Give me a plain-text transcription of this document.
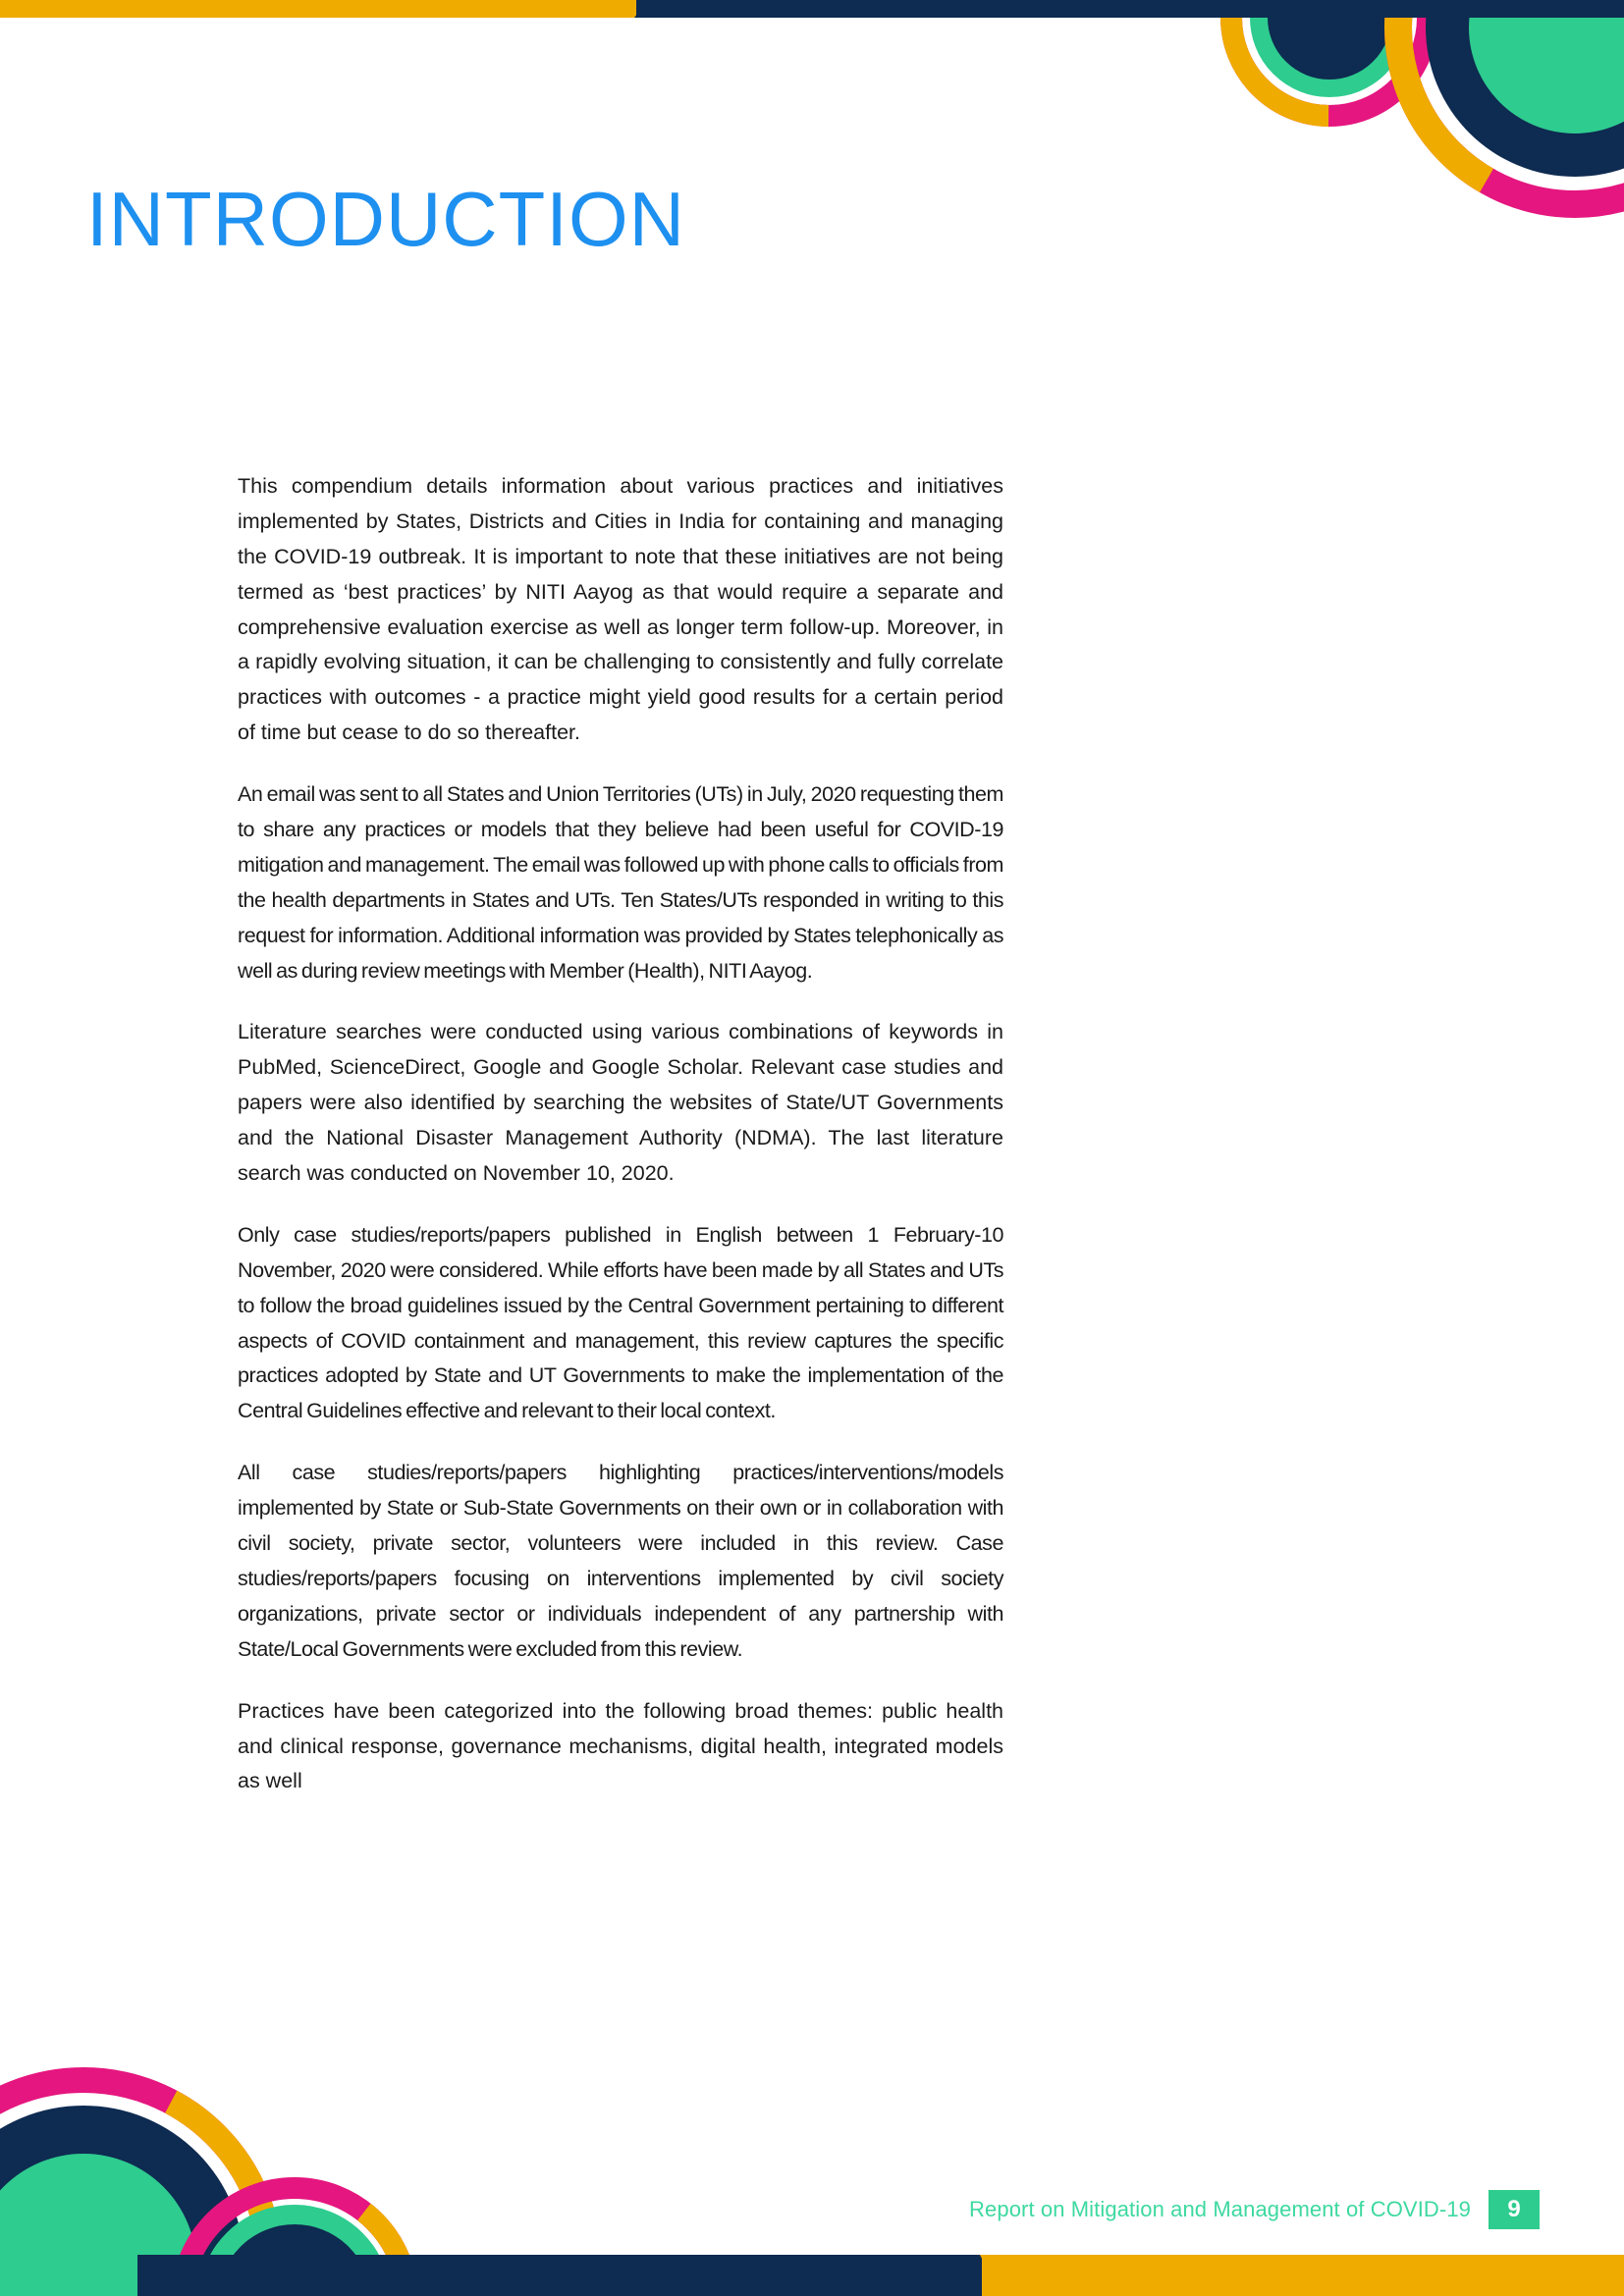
INTRODUCTION

This compendium details information about various practices and initiatives implemented by States, Districts and Cities in India for containing and managing the COVID-19 outbreak. It is important to note that these initiatives are not being termed as ‘best practices’ by NITI Aayog as that would require a separate and comprehensive evaluation exercise as well as longer term follow-up. Moreover, in a rapidly evolving situation, it can be challenging to consistently and fully correlate practices with outcomes - a practice might yield good results for a certain period of time but cease to do so thereafter.

An email was sent to all States and Union Territories (UTs) in July, 2020 requesting them to share any practices or models that they believe had been useful for COVID-19 mitigation and management. The email was followed up with phone calls to officials from the health departments in States and UTs. Ten States/UTs responded in writing to this request for information. Additional information was provided by States telephonically as well as during review meetings with Member (Health), NITI Aayog.

Literature searches were conducted using various combinations of keywords in PubMed, ScienceDirect, Google and Google Scholar. Relevant case studies and papers were also identified by searching the websites of State/UT Governments and the National Disaster Management Authority (NDMA). The last literature search was conducted on November 10, 2020.

Only case studies/reports/papers published in English between 1 February-10 November, 2020 were considered. While efforts have been made by all States and UTs to follow the broad guidelines issued by the Central Government pertaining to different aspects of COVID containment and management, this review captures the specific practices adopted by State and UT Governments to make the implementation of the Central Guidelines effective and relevant to their local context.

All case studies/reports/papers highlighting practices/interventions/models implemented by State or Sub-State Governments on their own or in collaboration with civil society, private sector, volunteers were included in this review. Case studies/reports/papers focusing on interventions implemented by civil society organizations, private sector or individuals independent of any partnership with State/Local Governments were excluded from this review.

Practices have been categorized into the following broad themes: public health and clinical response, governance mechanisms, digital health, integrated models as well

Report on Mitigation and Management of COVID-19	9
